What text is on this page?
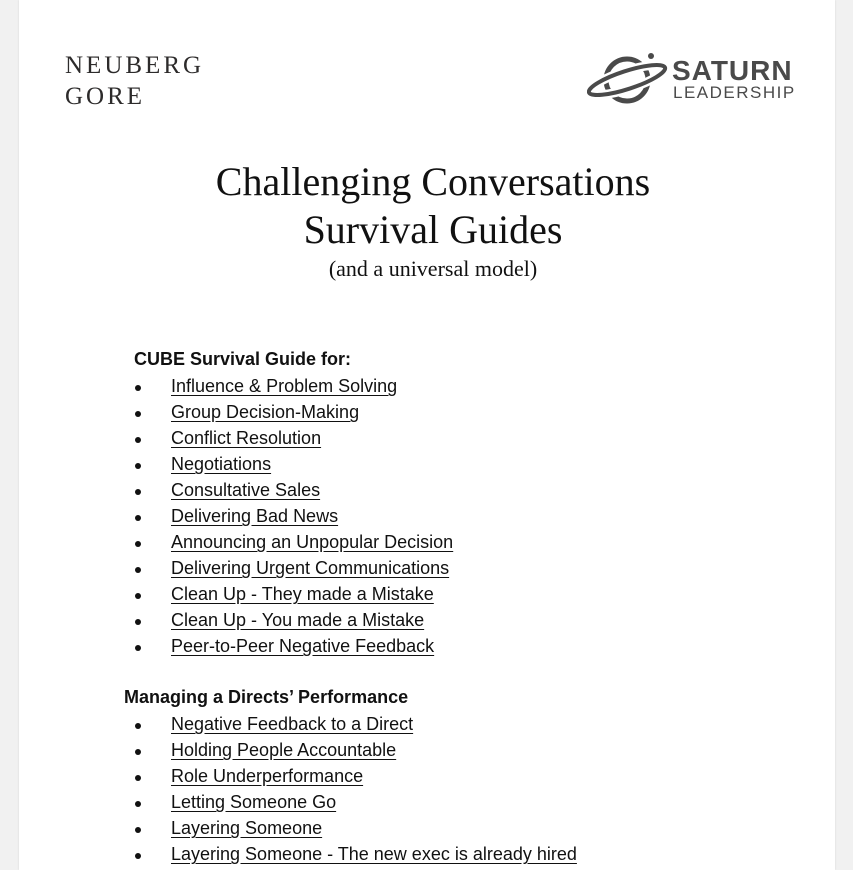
NEUBERG
GORE
SATURN
LEADERSHIP
Challenging Conversations
Survival Guides
(and a universal model)
CUBE Survival Guide for:
Influence & Problem Solving
Group Decision-Making
Conflict Resolution
Negotiations
Consultative Sales
Delivering Bad News
Announcing an Unpopular Decision
Delivering Urgent Communications
Clean Up - They made a Mistake
Clean Up - You made a Mistake
Peer-to-Peer Negative Feedback
Managing a Directs’ Performance
Negative Feedback to a Direct
Holding People Accountable
Role Underperformance
Letting Someone Go
Layering Someone
Layering Someone - The new exec is already hired
